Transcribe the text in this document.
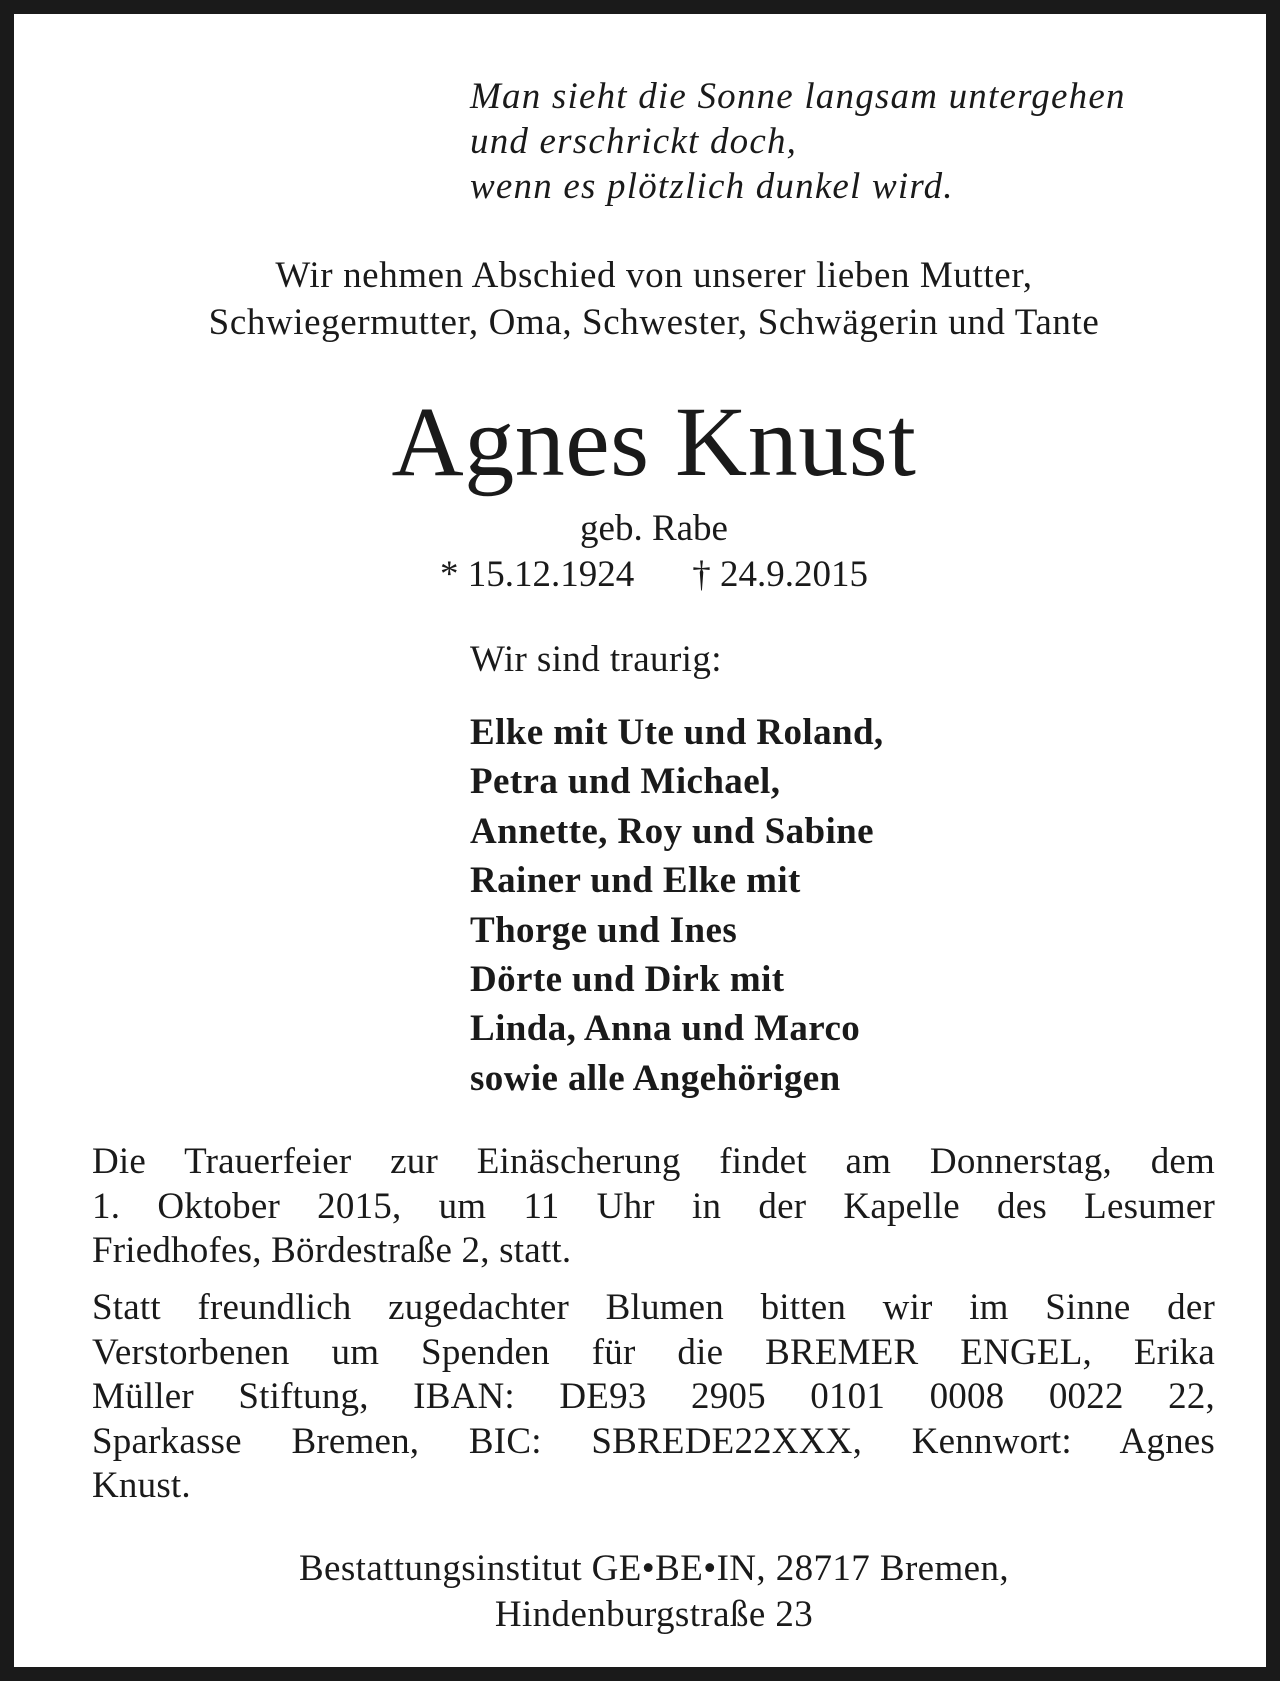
Man sieht die Sonne langsam untergehen
und erschrickt doch,
wenn es plötzlich dunkel wird.
Wir nehmen Abschied von unserer lieben Mutter,
Schwiegermutter, Oma, Schwester, Schwägerin und Tante
Agnes Knust
geb. Rabe
* 15.12.1924 † 24.9.2015
Wir sind traurig:
Elke mit Ute und Roland,
Petra und Michael,
Annette, Roy und Sabine
Rainer und Elke mit
Thorge und Ines
Dörte und Dirk mit
Linda, Anna und Marco
sowie alle Angehörigen
Die Trauerfeier zur Einäscherung findet am Donnerstag, dem
1. Oktober 2015, um 11 Uhr in der Kapelle des Lesumer
Friedhofes, Bördestraße 2, statt.
Statt freundlich zugedachter Blumen bitten wir im Sinne der
Verstorbenen um Spenden für die BREMER ENGEL, Erika
Müller Stiftung, IBAN: DE93 2905 0101 0008 0022 22,
Sparkasse Bremen, BIC: SBREDE22XXX, Kennwort: Agnes
Knust.
Bestattungsinstitut GE•BE•IN, 28717 Bremen,
Hindenburgstraße 23
